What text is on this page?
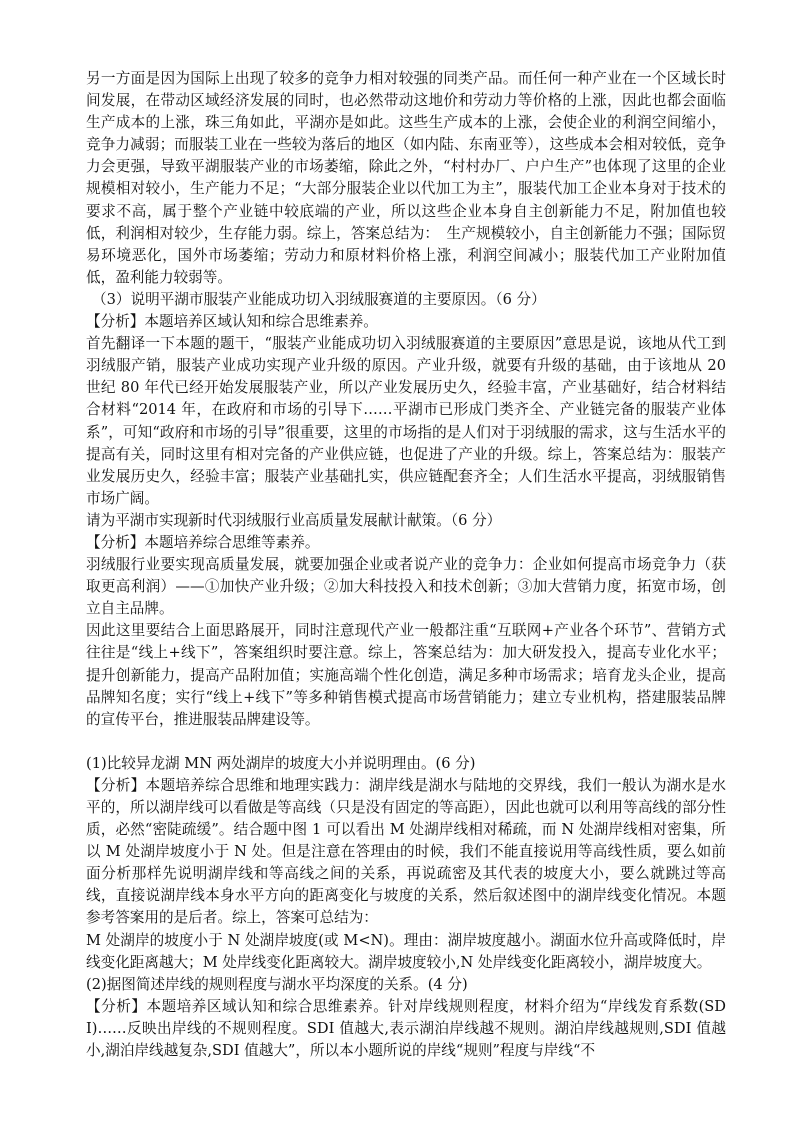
另一方面是因为国际上出现了较多的竞争力相对较强的同类产品。而任何一种产业在一个区域长时间发展，在带动区域经济发展的同时，也必然带动这地价和劳动力等价格的上涨，因此也都会面临生产成本的上涨，珠三角如此，平湖亦是如此。这些生产成本的上涨，会使企业的利润空间缩小，竞争力减弱；而服装工业在一些较为落后的地区（如内陆、东南亚等），这些成本会相对较低，竞争力会更强，导致平湖服装产业的市场萎缩，除此之外，“村村办厂、户户生产”也体现了这里的企业规模相对较小，生产能力不足；“大部分服装企业以代加工为主”，服装代加工企业本身对于技术的要求不高，属于整个产业链中较底端的产业，所以这些企业本身自主创新能力不足，附加值也较低，利润相对较少，生存能力弱。综上，答案总结为：　生产规模较小，自主创新能力不强；国际贸易环境恶化，国外市场萎缩；劳动力和原材料价格上涨，利润空间减小；服装代加工产业附加值低，盈利能力较弱等。

（3）说明平湖市服装产业能成功切入羽绒服赛道的主要原因。（6 分）

【分析】本题培养区域认知和综合思维素养。

首先翻译一下本题的题干，“服装产业能成功切入羽绒服赛道的主要原因”意思是说，该地从代工到羽绒服产销，服装产业成功实现产业升级的原因。产业升级，就要有升级的基础，由于该地从 20 世纪 80 年代已经开始发展服装产业，所以产业发展历史久，经验丰富，产业基础好，结合材料结合材料“2014 年，在政府和市场的引导下……平湖市已形成门类齐全、产业链完备的服装产业体系”，可知“政府和市场的引导”很重要，这里的市场指的是人们对于羽绒服的需求，这与生活水平的提高有关，同时这里有相对完备的产业供应链，也促进了产业的升级。综上，答案总结为：服装产业发展历史久，经验丰富；服装产业基础扎实，供应链配套齐全；人们生活水平提高，羽绒服销售市场广阔。

请为平湖市实现新时代羽绒服行业高质量发展献计献策。（6 分）

【分析】本题培养综合思维等素养。

羽绒服行业要实现高质量发展，就要加强企业或者说产业的竞争力：企业如何提高市场竞争力（获取更高利润）——①加快产业升级；②加大科技投入和技术创新；③加大营销力度，拓宽市场，创立自主品牌。

因此这里要结合上面思路展开，同时注意现代产业一般都注重“互联网+产业各个环节”、营销方式往往是“线上+线下”，答案组织时要注意。综上，答案总结为：加大研发投入，提高专业化水平；提升创新能力，提高产品附加值；实施高端个性化创造，满足多种市场需求；培育龙头企业，提高品牌知名度；实行“线上+线下”等多种销售模式提高市场营销能力；建立专业机构，搭建服装品牌的宣传平台，推进服装品牌建设等。

(1)比较异龙湖 MN 两处湖岸的坡度大小并说明理由。(6 分)

【分析】本题培养综合思维和地理实践力：湖岸线是湖水与陆地的交界线，我们一般认为湖水是水平的，所以湖岸线可以看做是等高线（只是没有固定的等高距），因此也就可以利用等高线的部分性质，必然“密陡疏缓”。结合题中图 1 可以看出 M 处湖岸线相对稀疏，而 N 处湖岸线相对密集，所以 M 处湖岸坡度小于 N 处。但是注意在答理由的时候，我们不能直接说用等高线性质，要么如前面分析那样先说明湖岸线和等高线之间的关系，再说疏密及其代表的坡度大小，要么就跳过等高线，直接说湖岸线本身水平方向的距离变化与坡度的关系，然后叙述图中的湖岸线变化情况。本题参考答案用的是后者。综上，答案可总结为：

M 处湖岸的坡度小于 N 处湖岸坡度(或 M<N)。理由：湖岸坡度越小。湖面水位升高或降低时，岸线变化距离越大；M 处岸线变化距离较大。湖岸坡度较小,N 处岸线变化距离较小，湖岸坡度大。

(2)据图简述岸线的规则程度与湖水平均深度的关系。(4 分)

【分析】本题培养区域认知和综合思维素养。针对岸线规则程度，材料介绍为“岸线发育系数(SDI)……反映出岸线的不规则程度。SDI 值越大,表示湖泊岸线越不规则。湖泊岸线越规则,SDI 值越小,湖泊岸线越复杂,SDI 值越大”，所以本小题所说的岸线“规则”程度与岸线“不
